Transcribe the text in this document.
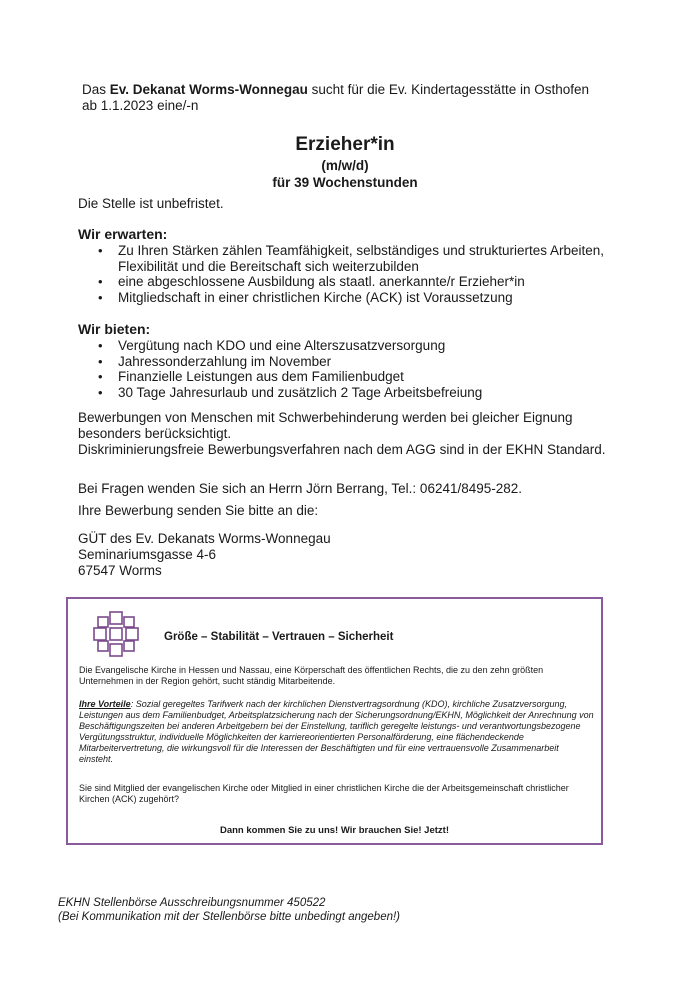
Das Ev. Dekanat Worms-Wonnegau sucht für die Ev. Kindertagesstätte in Osthofen
ab 1.1.2023 eine/-n
Erzieher*in
(m/w/d)
für 39 Wochenstunden
Die Stelle ist unbefristet.
Wir erwarten:
• Zu Ihren Stärken zählen Teamfähigkeit, selbständiges und strukturiertes Arbeiten, Flexibilität und die Bereitschaft sich weiterzubilden
• eine abgeschlossene Ausbildung als staatl. anerkannte/r Erzieher*in
• Mitgliedschaft in einer christlichen Kirche (ACK) ist Voraussetzung
Wir bieten:
• Vergütung nach KDO und eine Alterszusatzversorgung
• Jahressonderzahlung im November
• Finanzielle Leistungen aus dem Familienbudget
• 30 Tage Jahresurlaub und zusätzlich 2 Tage Arbeitsbefreiung
Bewerbungen von Menschen mit Schwerbehinderung werden bei gleicher Eignung
besonders berücksichtigt.
Diskriminierungsfreie Bewerbungsverfahren nach dem AGG sind in der EKHN Standard.
Bei Fragen wenden Sie sich an Herrn Jörn Berrang, Tel.: 06241/8495-282.
Ihre Bewerbung senden Sie bitte an die:
GÜT des Ev. Dekanats Worms-Wonnegau
Seminariumsgasse 4-6
67547 Worms
Größe – Stabilität – Vertrauen – Sicherheit
Die Evangelische Kirche in Hessen und Nassau, eine Körperschaft des öffentlichen Rechts, die zu den zehn größten Unternehmen in der Region gehört, sucht ständig Mitarbeitende.
Ihre Vorteile: Sozial geregeltes Tarifwerk nach der kirchlichen Dienstvertragsordnung (KDO), kirchliche Zusatzversorgung, Leistungen aus dem Familienbudget, Arbeitsplatzsicherung nach der Sicherungsordnung/EKHN, Möglichkeit der Anrechnung von Beschäftigungszeiten bei anderen Arbeitgebern bei der Einstellung, tariflich geregelte leistungs- und verantwortungsbezogene Vergütungsstruktur, individuelle Möglichkeiten der karriereorientierten Personalförderung, eine flächendeckende Mitarbeitervertretung, die wirkungsvoll für die Interessen der Beschäftigten und für eine vertrauensvolle Zusammenarbeit einsteht.
Sie sind Mitglied der evangelischen Kirche oder Mitglied in einer christlichen Kirche die der Arbeitsgemeinschaft christlicher Kirchen (ACK) zugehört?
Dann kommen Sie zu uns! Wir brauchen Sie! Jetzt!
EKHN Stellenbörse Ausschreibungsnummer 450522
(Bei Kommunikation mit der Stellenbörse bitte unbedingt angeben!)
